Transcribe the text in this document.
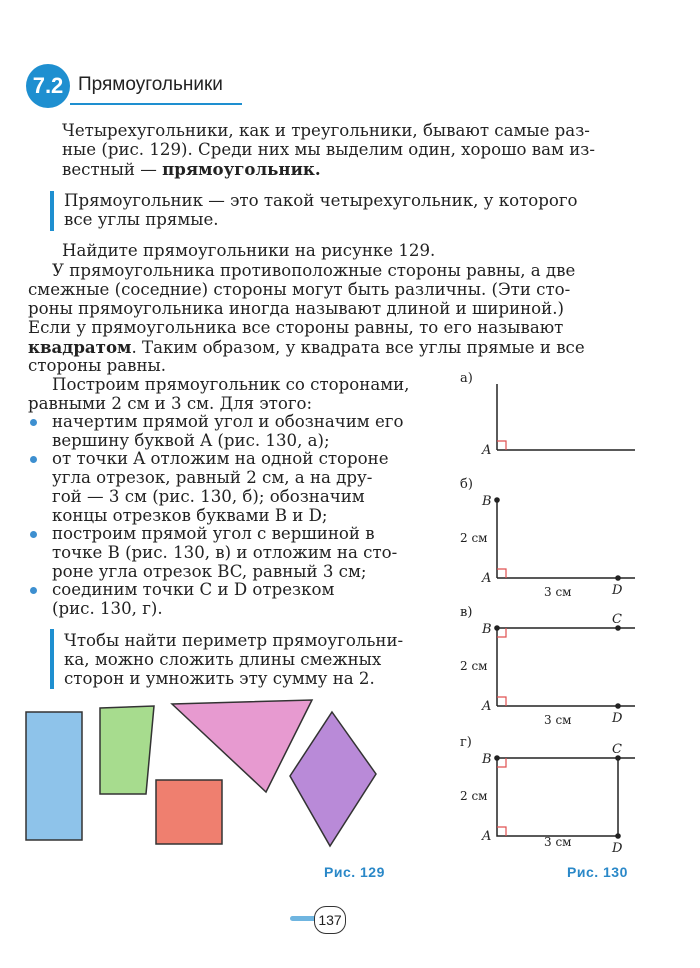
7.2 Прямоугольники
Четырехугольники, как и треугольники, бывают самые раз-
ные (рис. 129). Среди них мы выделим один, хорошо вам из-
вестный — прямоугольник.
Прямоугольник — это такой четырехугольник, у которого
все углы прямые.
Найдите прямоугольники на рисунке 129.
У прямоугольника противоположные стороны равны, а две
смежные (соседние) стороны могут быть различны. (Эти сто-
роны прямоугольника иногда называют длиной и шириной.)
Если у прямоугольника все стороны равны, то его называют
квадратом. Таким образом, у квадрата все углы прямые и все
стороны равны.
Построим прямоугольник со сторонами,
равными 2 см и 3 см. Для этого:
начертим прямой угол и обозначим его
вершину буквой A (рис. 130, а);
от точки A отложим на одной стороне
угла отрезок, равный 2 см, а на дру-
гой — 3 см (рис. 130, б); обозначим
концы отрезков буквами B и D;
построим прямой угол с вершиной в
точке B (рис. 130, в) и отложим на сто-
роне угла отрезок BC, равный 3 см;
соединим точки C и D отрезком
(рис. 130, г).
Чтобы найти периметр прямоугольни-
ка, можно сложить длины смежных
сторон и умножить эту сумму на 2.
Рис. 129
а)
A
б)
B
A
D
2 см
3 см
в)
B
C
A
D
2 см
3 см
г)
B
C
A
D
2 см
3 см
Рис. 130
137
